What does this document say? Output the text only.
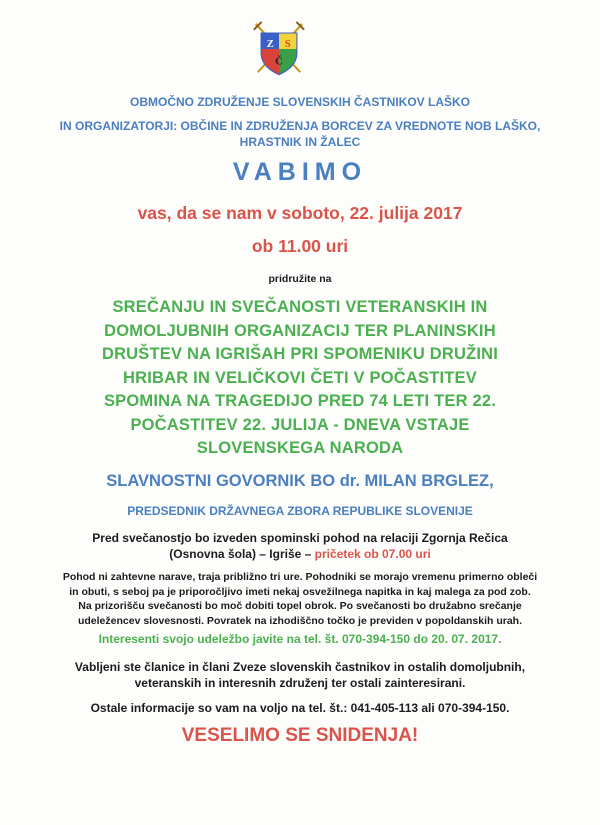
Z S
Č

OBMOČNO ZDRUŽENJE SLOVENSKIH ČASTNIKOV LAŠKO

IN ORGANIZATORJI: OBČINE IN ZDRUŽENJA BORCEV ZA VREDNOTE NOB LAŠKO,

HRASTNIK IN ŽALEC

VABIMO

vas, da se nam v soboto, 22. julija 2017

ob 11.00 uri

pridružite na

SREČANJU IN SVEČANOSTI VETERANSKIH IN
DOMOLJUBNIH ORGANIZACIJ TER PLANINSKIH
DRUŠTEV NA IGRIŠAH PRI SPOMENIKU DRUŽINI
HRIBAR IN VELIČKOVI ČETI V POČASTITEV
SPOMINA NA TRAGEDIJO PRED 74 LETI TER 22.
POČASTITEV 22. JULIJA - DNEVA VSTAJE
SLOVENSKEGA NARODA

SLAVNOSTNI GOVORNIK BO dr. MILAN BRGLEZ,

PREDSEDNIK DRŽAVNEGA ZBORA REPUBLIKE SLOVENIJE

Pred svečanostjo bo izveden spominski pohod na relaciji Zgornja Rečica

(Osnovna šola) – Igriše – pričetek ob 07.00 uri

Pohod ni zahtevne narave, traja približno tri ure. Pohodniki se morajo vremenu primerno obleči
in obuti, s seboj pa je priporočljivo imeti nekaj osvežilnega napitka in kaj malega za pod zob.
Na prizorišču svečanosti bo moč dobiti topel obrok. Po svečanosti bo družabno srečanje
udeležencev slovesnosti. Povratek na izhodiščno točko je previden v popoldanskih urah.

Interesenti svojo udeležbo javite na tel. št. 070-394-150 do 20. 07. 2017.

Vabljeni ste članice in člani Zveze slovenskih častnikov in ostalih domoljubnih,

veteranskih in interesnih združenj ter ostali zainteresirani.

Ostale informacije so vam na voljo na tel. št.: 041-405-113 ali 070-394-150.

VESELIMO SE SNIDENJA!
